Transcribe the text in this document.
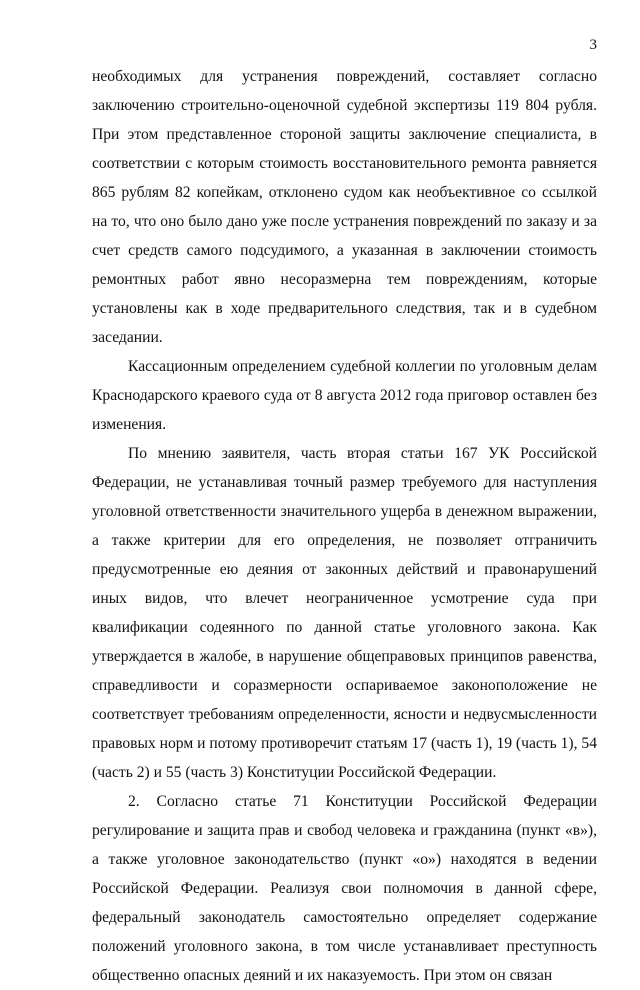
3

необходимых для устранения повреждений, составляет согласно заключению строительно-оценочной судебной экспертизы 119 804 рубля. При этом представленное стороной защиты заключение специалиста, в соответствии с которым стоимость восстановительного ремонта равняется 865 рублям 82 копейкам, отклонено судом как необъективное со ссылкой на то, что оно было дано уже после устранения повреждений по заказу и за счет средств самого подсудимого, а указанная в заключении стоимость ремонтных работ явно несоразмерна тем повреждениям, которые установлены как в ходе предварительного следствия, так и в судебном заседании.

Кассационным определением судебной коллегии по уголовным делам Краснодарского краевого суда от 8 августа 2012 года приговор оставлен без изменения.

По мнению заявителя, часть вторая статьи 167 УК Российской Федерации, не устанавливая точный размер требуемого для наступления уголовной ответственности значительного ущерба в денежном выражении, а также критерии для его определения, не позволяет отграничить предусмотренные ею деяния от законных действий и правонарушений иных видов, что влечет неограниченное усмотрение суда при квалификации содеянного по данной статье уголовного закона. Как утверждается в жалобе, в нарушение общеправовых принципов равенства, справедливости и соразмерности оспариваемое законоположение не соответствует требованиям определенности, ясности и недвусмысленности правовых норм и потому противоречит статьям 17 (часть 1), 19 (часть 1), 54 (часть 2) и 55 (часть 3) Конституции Российской Федерации.

2. Согласно статье 71 Конституции Российской Федерации регулирование и защита прав и свобод человека и гражданина (пункт «в»), а также уголовное законодательство (пункт «о») находятся в ведении Российской Федерации. Реализуя свои полномочия в данной сфере, федеральный законодатель самостоятельно определяет содержание положений уголовного закона, в том числе устанавливает преступность общественно опасных деяний и их наказуемость. При этом он связан
